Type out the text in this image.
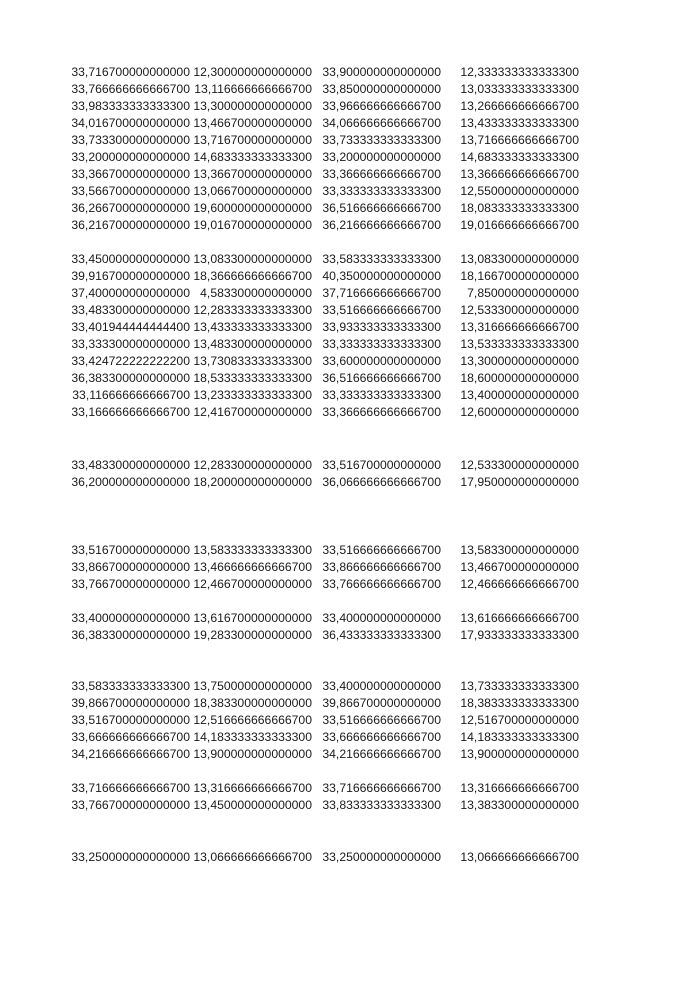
33,716700000000000 12,300000000000000 33,900000000000000 12,333333333333300
33,766666666666700 13,116666666666700 33,850000000000000 13,033333333333300
33,983333333333300 13,300000000000000 33,966666666666700 13,266666666666700
34,016700000000000 13,466700000000000 34,066666666666700 13,433333333333300
33,733300000000000 13,716700000000000 33,733333333333300 13,716666666666700
33,200000000000000 14,683333333333300 33,200000000000000 14,683333333333300
33,366700000000000 13,366700000000000 33,366666666666700 13,366666666666700
33,566700000000000 13,066700000000000 33,333333333333300 12,550000000000000
36,266700000000000 19,600000000000000 36,516666666666700 18,083333333333300
36,216700000000000 19,016700000000000 36,216666666666700 19,016666666666700
33,450000000000000 13,083300000000000 33,583333333333300 13,083300000000000
39,916700000000000 18,366666666666700 40,350000000000000 18,166700000000000
37,400000000000000 4,583300000000000 37,716666666666700 7,850000000000000
33,483300000000000 12,283333333333300 33,516666666666700 12,533300000000000
33,401944444444400 13,433333333333300 33,933333333333300 13,316666666666700
33,333300000000000 13,483300000000000 33,333333333333300 13,533333333333300
33,424722222222200 13,730833333333300 33,600000000000000 13,300000000000000
36,383300000000000 18,533333333333300 36,516666666666700 18,600000000000000
33,116666666666700 13,233333333333300 33,333333333333300 13,400000000000000
33,166666666666700 12,416700000000000 33,366666666666700 12,600000000000000
33,483300000000000 12,283300000000000 33,516700000000000 12,533300000000000
36,200000000000000 18,200000000000000 36,066666666666700 17,950000000000000
33,516700000000000 13,583333333333300 33,516666666666700 13,583300000000000
33,866700000000000 13,466666666666700 33,866666666666700 13,466700000000000
33,766700000000000 12,466700000000000 33,766666666666700 12,466666666666700
33,400000000000000 13,616700000000000 33,400000000000000 13,616666666666700
36,383300000000000 19,283300000000000 36,433333333333300 17,933333333333300
33,583333333333300 13,750000000000000 33,400000000000000 13,733333333333300
39,866700000000000 18,383300000000000 39,866700000000000 18,383333333333300
33,516700000000000 12,516666666666700 33,516666666666700 12,516700000000000
33,666666666666700 14,183333333333300 33,666666666666700 14,183333333333300
34,216666666666700 13,900000000000000 34,216666666666700 13,900000000000000
33,716666666666700 13,316666666666700 33,716666666666700 13,316666666666700
33,766700000000000 13,450000000000000 33,833333333333300 13,383300000000000
33,250000000000000 13,066666666666700 33,250000000000000 13,066666666666700
